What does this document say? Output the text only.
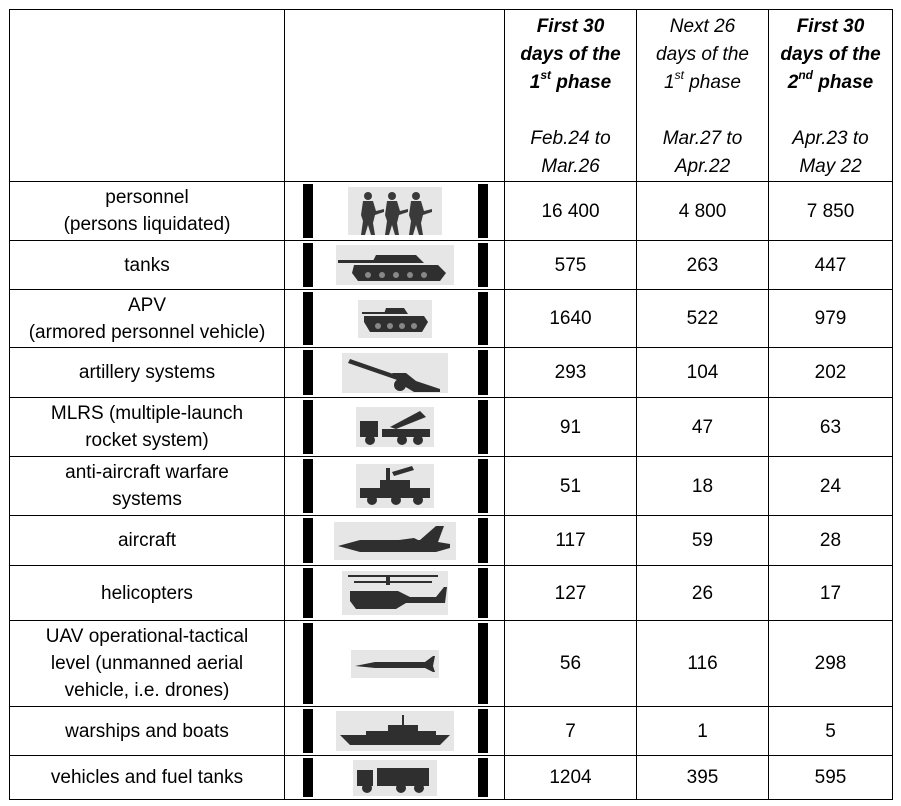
		First 30
days of the
1st phase
Feb.24 to
Mar.26	Next 26
days of the
1st phase
Mar.27 to
Apr.22	First 30
days of the
2nd phase
Apr.23 to
May 22

personnel
(persons liquidated)		16 400	4 800	7 850
tanks		575	263	447
APV
(armored personnel vehicle)		1640	522	979
artillery systems		293	104	202
MLRS (multiple-launch
rocket system)		91	47	63
anti-aircraft warfare
systems		51	18	24
aircraft		117	59	28
helicopters		127	26	17
UAV operational-tactical
level (unmanned aerial
vehicle, i.e. drones)		56	116	298
warships and boats		7	1	5
vehicles and fuel tanks		1204	395	595
